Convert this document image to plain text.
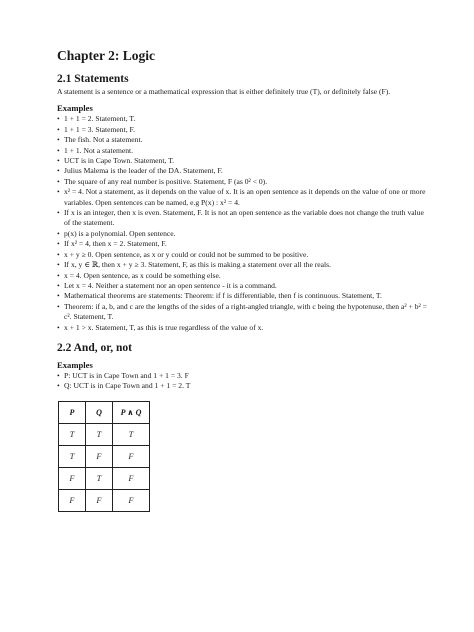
Chapter 2: Logic
2.1 Statements

A statement is a sentence or a mathematical expression that is either definitely true (T), or definitely false (F).

Examples
• 1 + 1 = 2. Statement, T.
• 1 + 1 = 3. Statement, F.
• The fish. Not a statement.
• 1 + 1. Not a statement.
• UCT is in Cape Town. Statement, T.
• Julius Malema is the leader of the DA. Statement, F.
• The square of any real number is positive. Statement, F (as 0² < 0).
• x² = 4. Not a statement, as it depends on the value of x. It is an open sentence as it depends on the value of one or more variables. Open sentences can be named, e.g P(x) : x² = 4.
• If x is an integer, then x is even. Statement, F. It is not an open sentence as the variable does not change the truth value of the statement.
• p(x) is a polynomial. Open sentence.
• If x² = 4, then x = 2. Statement, F.
• x + y ≥ 0. Open sentence, as x or y could or could not be summed to be positive.
• If x, y ∈ ℝ, then x + y ≥ 3. Statement, F, as this is making a statement over all the reals.
• x = 4. Open sentence, as x could be something else.
• Let x = 4. Neither a statement nor an open sentence - it is a command.
• Mathematical theorems are statements: Theorem: if f is differentiable, then f is continuous. Statement, T.
• Theorem: if a, b, and c are the lengths of the sides of a right-angled triangle, with c being the hypotenuse, then a² + b² = c². Statement, T.
• x + 1 > x. Statement, T, as this is true regardless of the value of x.
2.2 And, or, not
Examples
• P: UCT is in Cape Town and 1 + 1 = 3. F
• Q: UCT is in Cape Town and 1 + 1 = 2. T
P	Q	P ∧ Q
T	T	T
T	F	F
F	T	F
F	F	F
